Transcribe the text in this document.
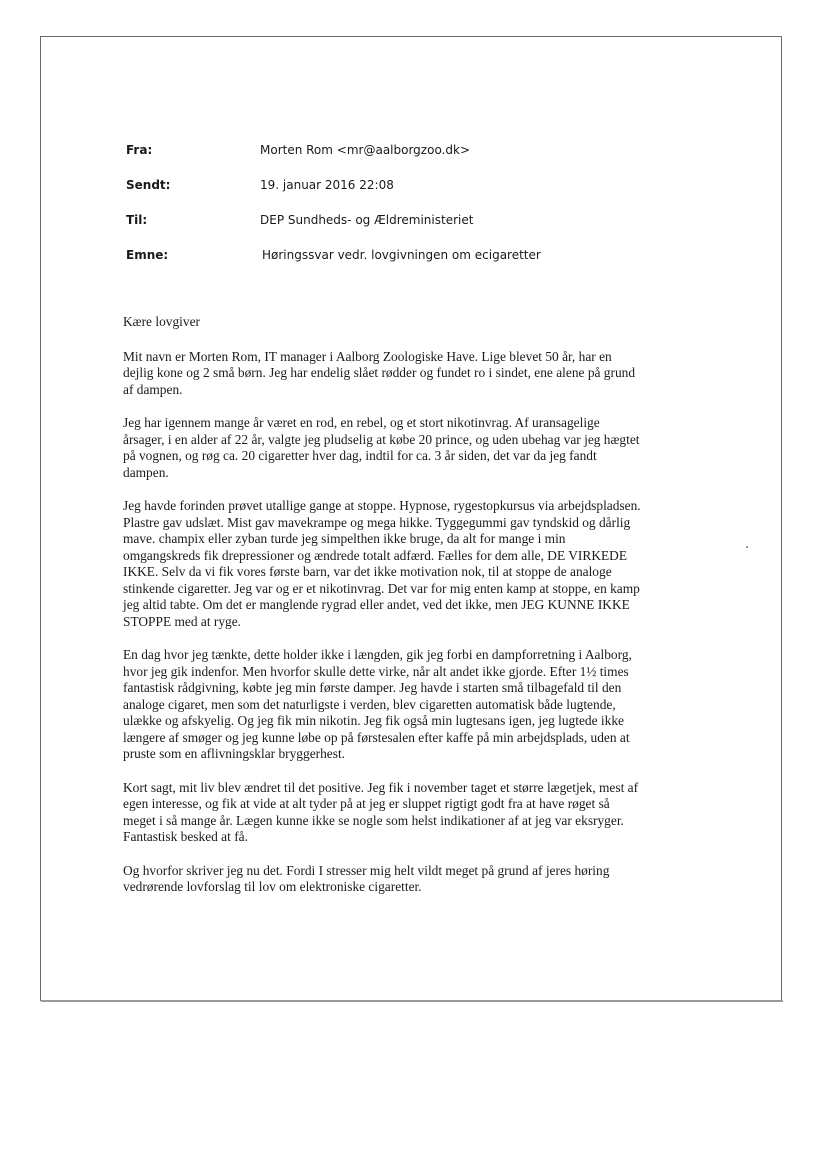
Fra:	Morten Rom <mr@aalborgzoo.dk>
Sendt:	19. januar 2016 22:08
Til:	DEP Sundheds- og Ældreministeriet
Emne:	Høringssvar vedr. lovgivningen om ecigaretter

Kære lovgiver

Mit navn er Morten Rom, IT manager i Aalborg Zoologiske Have. Lige blevet 50 år, har en
dejlig kone og 2 små børn. Jeg har endelig slået rødder og fundet ro i sindet, ene alene på grund
af dampen.

Jeg har igennem mange år været en rod, en rebel, og et stort nikotinvrag. Af uransagelige
årsager, i en alder af 22 år, valgte jeg pludselig at købe 20 prince, og uden ubehag var jeg hægtet
på vognen, og røg ca. 20 cigaretter hver dag, indtil for ca. 3 år siden, det var da jeg fandt
dampen.

Jeg havde forinden prøvet utallige gange at stoppe. Hypnose, rygestopkursus via arbejdspladsen.
Plastre gav udslæt. Mist gav mavekrampe og mega hikke. Tyggegummi gav tyndskid og dårlig
mave. champix eller zyban turde jeg simpelthen ikke bruge, da alt for mange i min
omgangskreds fik drepressioner og ændrede totalt adfærd. Fælles for dem alle, DE VIRKEDE
IKKE. Selv da vi fik vores første barn, var det ikke motivation nok, til at stoppe de analoge
stinkende cigaretter. Jeg var og er et nikotinvrag. Det var for mig enten kamp at stoppe, en kamp
jeg altid tabte. Om det er manglende rygrad eller andet, ved det ikke, men JEG KUNNE IKKE
STOPPE med at ryge.

En dag hvor jeg tænkte, dette holder ikke i længden, gik jeg forbi en dampforretning i Aalborg,
hvor jeg gik indenfor. Men hvorfor skulle dette virke, når alt andet ikke gjorde. Efter 1½ times
fantastisk rådgivning, købte jeg min første damper. Jeg havde i starten små tilbagefald til den
analoge cigaret, men som det naturligste i verden, blev cigaretten automatisk både lugtende,
ulække og afskyelig. Og jeg fik min nikotin. Jeg fik også min lugtesans igen, jeg lugtede ikke
længere af smøger og jeg kunne løbe op på førstesalen efter kaffe på min arbejdsplads, uden at
pruste som en aflivningsklar bryggerhest.

Kort sagt, mit liv blev ændret til det positive. Jeg fik i november taget et større lægetjek, mest af
egen interesse, og fik at vide at alt tyder på at jeg er sluppet rigtigt godt fra at have røget så
meget i så mange år. Lægen kunne ikke se nogle som helst indikationer af at jeg var eksryger.
Fantastisk besked at få.

Og hvorfor skriver jeg nu det. Fordi I stresser mig helt vildt meget på grund af jeres høring
vedrørende lovforslag til lov om elektroniske cigaretter.
